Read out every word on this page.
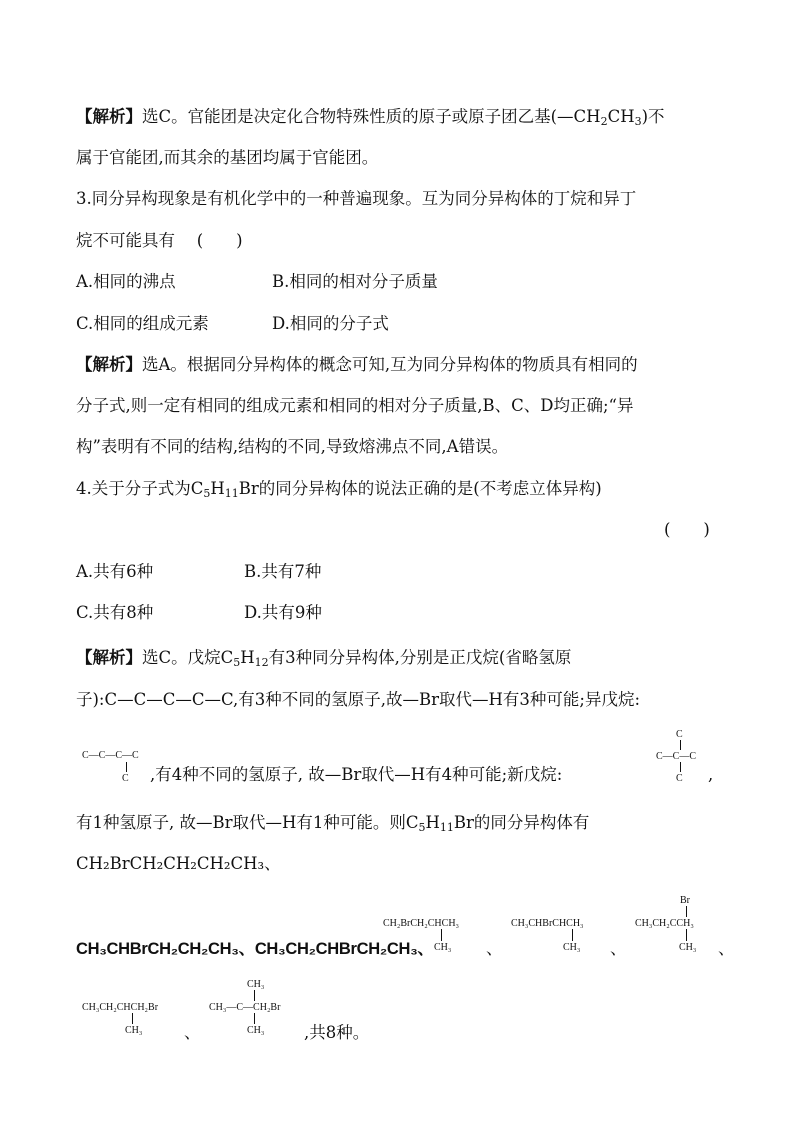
【解析】选C。官能团是决定化合物特殊性质的原子或原子团乙基$(—CH_2CH_3)$不
属于官能团,而其余的基团均属于官能团。
3.同分异构现象是有机化学中的一种普遍现象。互为同分异构体的丁烷和异丁
烷不可能具有　 (　　)
A.相同的沸点	B.相同的相对分子质量
C.相同的组成元素	D.相同的分子式
【解析】选A。根据同分异构体的概念可知,互为同分异构体的物质具有相同的
分子式,则一定有相同的组成元素和相同的相对分子质量,B、C、D均正确;“异
构”表明有不同的结构,结构的不同,导致熔沸点不同,A错误。
4.关于分子式为$C_5H_{11}Br$的同分异构体的说法正确的是(不考虑立体异构)
(　　)
A.共有6种	B.共有7种
C.共有8种	D.共有9种
【解析】选C。戊烷$C_5H_{12}$有3种同分异构体,分别是正戊烷(省略氢原
子):C—C—C—C—C,有3种不同的氢原子,故—Br取代—H有3种可能;异戊烷:
C—C—C—C
C ,有4种不同的氢原子, 故—Br取代—H有4种可能;新戊烷:
C
C—C—C
C ,
有1种氢原子, 故—Br取代—H有1种可能。则$C_5H_{11}Br$的同分异构体有
CH₂BrCH₂CH₂CH₂CH₃、
CH₃CHBrCH₂CH₂CH₃、CH₃CH₂CHBrCH₂CH₃、
CH₂BrCH₂CHCH₃
CH₃ 、
CH₃CHBrCHCH₃
CH₃ 、
Br
CH₃CH₂CCH₃
CH₃ 、
CH₃CH₂CHCH₂Br
CH₃	、
CH₃
CH₃—C—CH₂Br
CH₃ ,共8种。
